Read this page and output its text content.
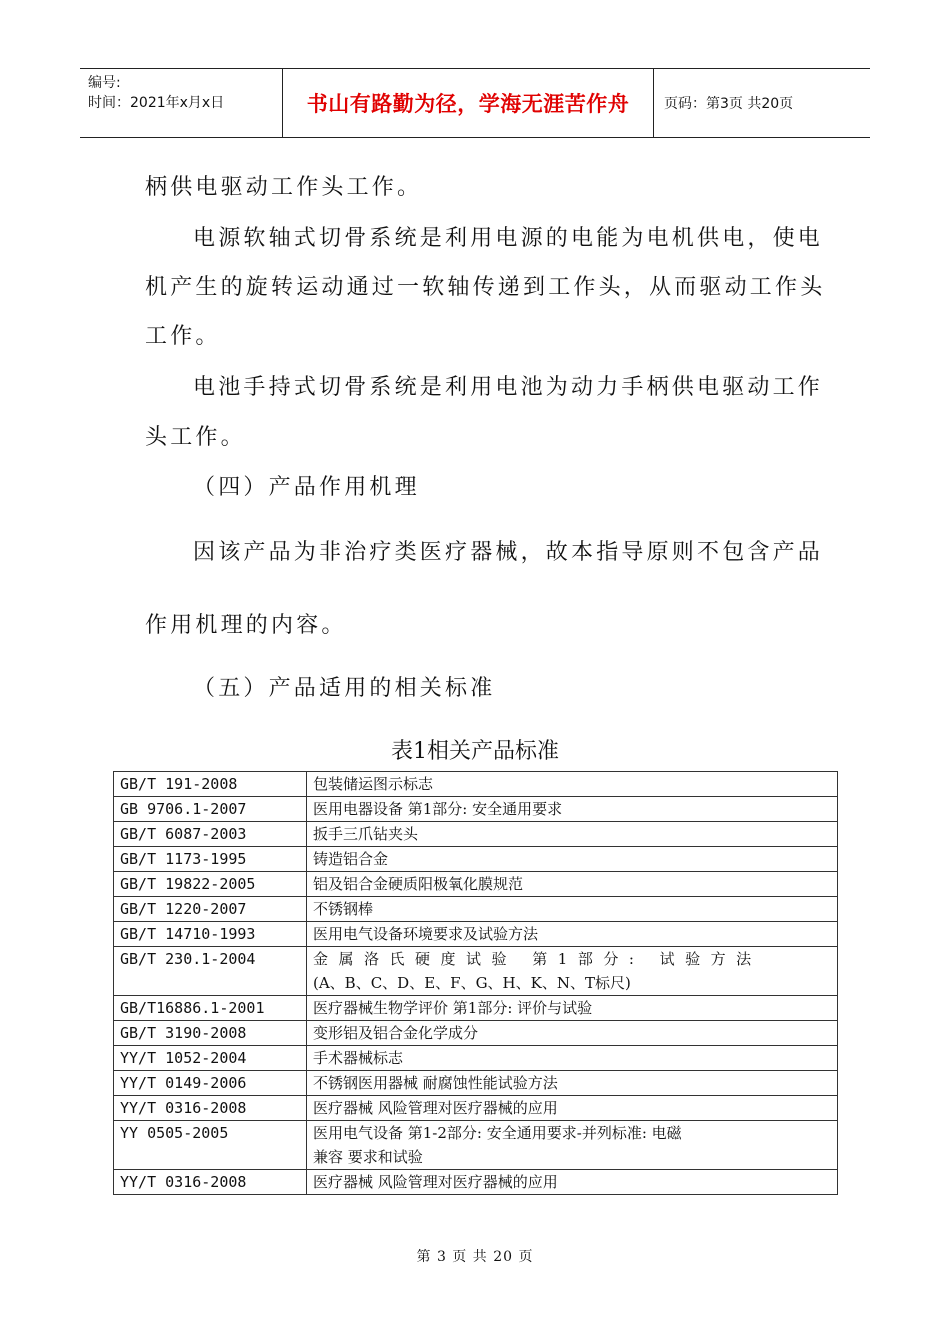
编号:
时间：2021年x月x日	书山有路勤为径，学海无涯苦作舟	页码：第3页 共20页
柄供电驱动工作头工作。
电源软轴式切骨系统是利用电源的电能为电机供电，使电
机产生的旋转运动通过一软轴传递到工作头，从而驱动工作头
工作。
电池手持式切骨系统是利用电池为动力手柄供电驱动工作
头工作。
（四）产品作用机理
因该产品为非治疗类医疗器械，故本指导原则不包含产品
作用机理的内容。
（五）产品适用的相关标准
表1相关产品标准
GB/T 191-2008	包装储运图示标志
GB 9706.1-2007	医用电器设备 第1部分: 安全通用要求
GB/T 6087-2003	扳手三爪钻夹头
GB/T 1173-1995	铸造铝合金
GB/T 19822-2005	铝及铝合金硬质阳极氧化膜规范
GB/T 1220-2007	不锈钢棒
GB/T 14710-1993	医用电气设备环境要求及试验方法
GB/T 230.1-2004	金属洛氏硬度试验 第1部分: 试验方法
(A、B、C、D、E、F、G、H、K、N、T标尺)
GB/T16886.1-2001	医疗器械生物学评价 第1部分: 评价与试验
GB/T 3190-2008	变形铝及铝合金化学成分
YY/T 1052-2004	手术器械标志
YY/T 0149-2006	不锈钢医用器械 耐腐蚀性能试验方法
YY/T 0316-2008	医疗器械 风险管理对医疗器械的应用
YY 0505-2005	医用电气设备 第1-2部分: 安全通用要求-并列标准: 电磁
兼容 要求和试验
YY/T 0316-2008	医疗器械 风险管理对医疗器械的应用
第 3 页 共 20 页
